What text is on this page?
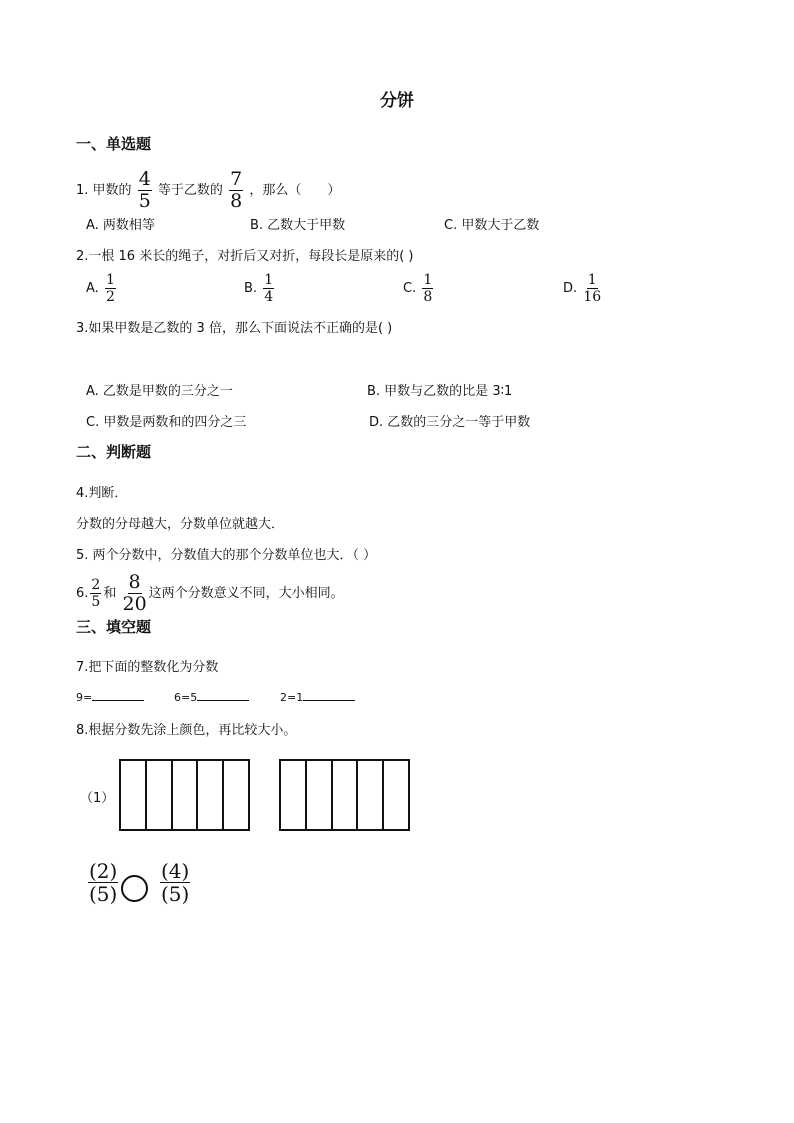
分饼
一、单选题
1. 甲数的 $\frac{4}{5}$ 等于乙数的 $\frac{7}{8}$ ，那么（　　）
A. 两数相等	B. 乙数大于甲数	C. 甲数大于乙数
2.一根 16 米长的绳子，对折后又对折，每段长是原来的( )
A. $\frac{1}{2}$	B. $\frac{1}{4}$	C. $\frac{1}{8}$	D. $\frac{1}{16}$
3.如果甲数是乙数的 3 倍，那么下面说法不正确的是( )
A. 乙数是甲数的三分之一	B. 甲数与乙数的比是 3∶1
C. 甲数是两数和的四分之三	D. 乙数的三分之一等于甲数
二、判断题
4.判断．
分数的分母越大，分数单位就越大．
5. 两个分数中，分数值大的那个分数单位也大．（ ）
6. $\frac{2}{5}$ 和 $\frac{8}{20}$ 这两个分数意义不同，大小相同。
三、填空题
7.把下面的整数化为分数
9=	6=5	2=1
8.根据分数先涂上颜色，再比较大小。
（1）
$\frac{(2)}{(5)} \frac{(4)}{(5)}$
